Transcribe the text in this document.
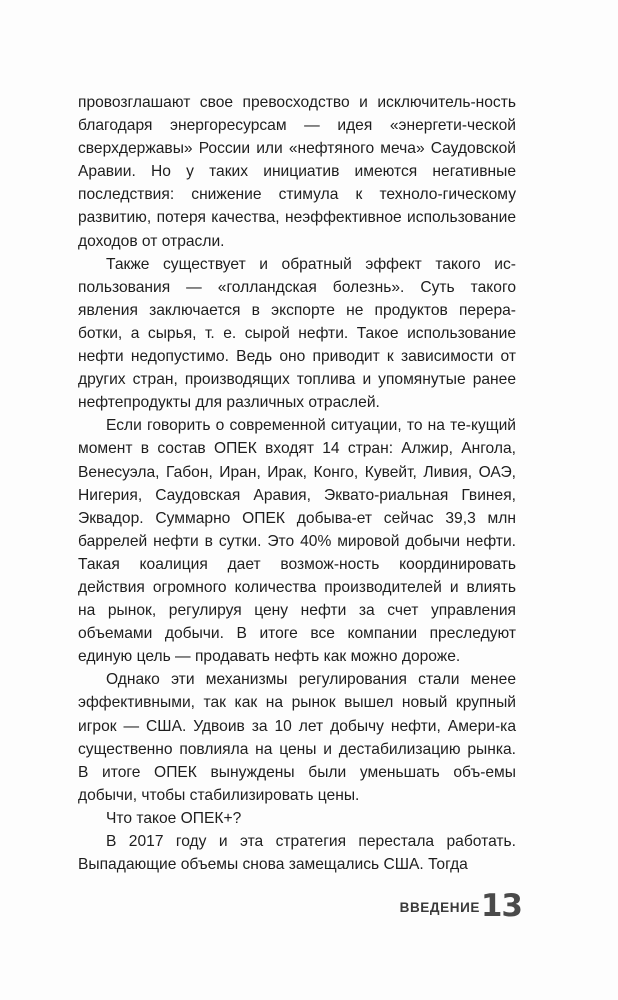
провозглашают свое превосходство и исключитель-ность благодаря энергоресурсам — идея «энергети-ческой сверхдержавы» России или «нефтяного меча» Саудовской Аравии. Но у таких инициатив имеются негативные последствия: снижение стимула к техноло-гическому развитию, потеря качества, неэффективное использование доходов от отрасли.

Также существует и обратный эффект такого ис-пользования — «голландская болезнь». Суть такого явления заключается в экспорте не продуктов перера-ботки, а сырья, т. е. сырой нефти. Такое использование нефти недопустимо. Ведь оно приводит к зависимости от других стран, производящих топлива и упомянутые ранее нефтепродукты для различных отраслей.

Если говорить о современной ситуации, то на те-кущий момент в состав ОПЕК входят 14 стран: Алжир, Ангола, Венесуэла, Габон, Иран, Ирак, Конго, Кувейт, Ливия, ОАЭ, Нигерия, Саудовская Аравия, Эквато-риальная Гвинея, Эквадор. Суммарно ОПЕК добыва-ет сейчас 39,3 млн баррелей нефти в сутки. Это 40% мировой добычи нефти. Такая коалиция дает возмож-ность координировать действия огромного количества производителей и влиять на рынок, регулируя цену нефти за счет управления объемами добычи. В итоге все компании преследуют единую цель — продавать нефть как можно дороже.

Однако эти механизмы регулирования стали менее эффективными, так как на рынок вышел новый крупный игрок — США. Удвоив за 10 лет добычу нефти, Амери-ка существенно повлияла на цены и дестабилизацию рынка. В итоге ОПЕК вынуждены были уменьшать объ-емы добычи, чтобы стабилизировать цены.

Что такое ОПЕК+?

В 2017 году и эта стратегия перестала работать. Выпадающие объемы снова замещались США. Тогда

ВВЕДЕНИЕ 13
